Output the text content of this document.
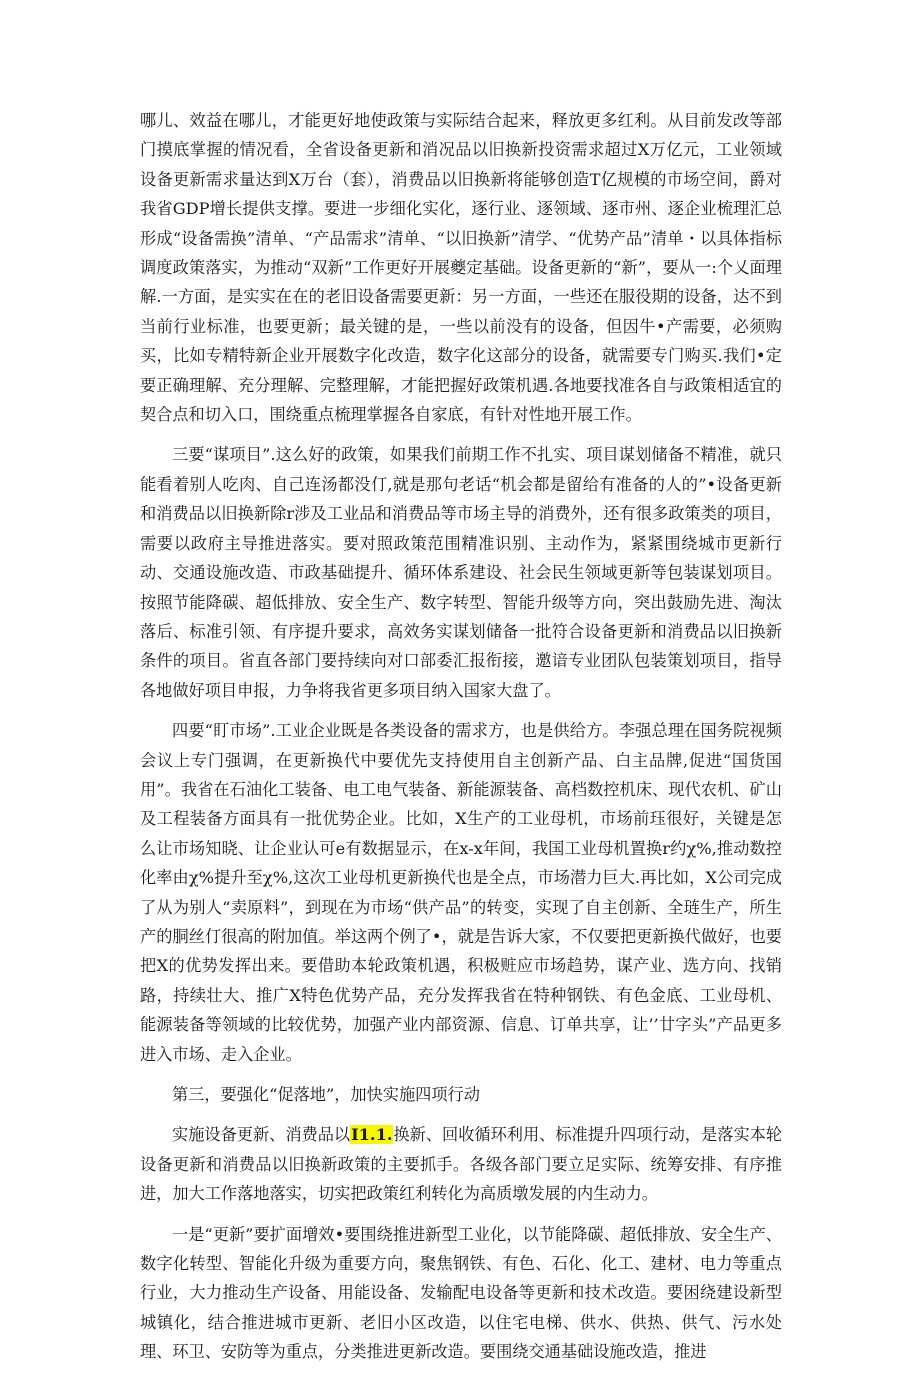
哪儿、效益在哪儿，才能更好地使政策与实际结合起来，释放更多红利。从目前发改等部门摸底掌握的情况看，全省设备更新和消况品以旧换新投资需求超过X万亿元，工业领域设备更新需求量达到X万台（套），消费品以旧换新将能够创造T亿规模的市场空间，爵对我省GDP增长提供支撑。要进一步细化实化，逐行业、逐领域、逐市州、逐企业梳理汇总形成“设备需换”清单、“产品需求”清单、“以旧换新”清学、“优势产品”清单・以具体指标调度政策落实，为推动“双新”工作更好开展夔定基础。设备更新的“新”，要从一:个乂面理解.一方面，是实实在在的老旧设备需要更新：另一方面，一些还在服役期的设备，达不到当前行业标准，也要更新；最关键的是，一些以前没有的设备，但因牛•产需要，必须购买，比如专精特新企业开展数字化改造，数字化这部分的设备，就需要专门购买.我们•定要正确理解、充分理解、完整理解，才能把握好政策机遇.各地要找准各自与政策相适宜的契合点和切入口，围绕重点梳理掌握各自家底，有针对性地开展工作。

三要“谋项目”.这么好的政策，如果我们前期工作不扎实、项目谋划储备不精准，就只能看着别人吃肉、自己连汤都没仃,就是那句老话“机会都是留给有准备的人的”•设备更新和消费品以旧换新除r涉及工业品和消费品等市场主导的消费外，还有很多政策类的项目，需要以政府主导推进落实。要对照政策范围精准识别、主动作为，紧紧围绕城市更新行动、交通设施改造、市政基础提升、循环体系建设、社会民生领域更新等包装谋划项目。按照节能降碳、超低排放、安全生产、数字转型、智能升级等方向，突出鼓励先进、淘汰落后、标准引领、有序提升要求，高效务实谋划储备一批符合设备更新和消费品以旧换新条件的项目。省直各部门要持续向对口部委汇报衔接，邀谙专业团队包装策划项目，指导各地做好项目申报，力争将我省更多项目纳入国家大盘了。

四要“盯市场”.工业企业既是各类设备的需求方，也是供给方。李强总理在国务院视频会议上专门强调，在更新换代中要优先支持使用自主创新产品、白主品牌,促进“国货国用”。我省在石油化工装备、电工电气装备、新能源装备、高档数控机床、现代农机、矿山及工程装备方面具有一批优势企业。比如，X生产的工业母机，市场前珏很好，关键是怎么让市场知晓、让企业认可e有数据显示，在x-x年间，我国工业母机置换r约χ%,推动数控化率由χ%提升至χ%,这次工业母机更新换代也是全点，市场潜力巨大.再比如，X公司完成了从为别人“卖原料”，到现在为市场“供产品”的转变，实现了自主创新、全琏生产，所生产的胴丝仃很高的附加值。举这两个例了•，就是告诉大家，不仅要把更新换代做好，也要把X的优势发挥出来。要借助本轮政策机遇，积极赃应市场趋势，谋产业、选方向、找销路，持续壮大、推广X特色优势产品，充分发挥我省在特种钢铁、有色金底、工业母机、能源装备等领域的比较优势，加强产业内部资源、信息、订单共享，让’’廿字头”产品更多进入市场、走入企业。

第三，要强化“促落地”，加快实施四项行动

实施设备更新、消费品以I1.1.换新、回收循环利用、标准提升四项行动，是落实本轮设备更新和消费品以旧换新政策的主要抓手。各级各部门要立足实际、统筹安排、有序推进，加大工作落地落实，切实把政策红利转化为高质墩发展的内生动力。

一是“更新”要扩面增效•要围绕推进新型工业化，以节能降碳、超低排放、安全生产、数字化转型、智能化升级为重要方向，聚焦钢铁、有色、石化、化工、建材、电力等重点行业，大力推动生产设备、用能设备、发输配电设备等更新和技术改造。要困绕建设新型城镇化，结合推进城市更新、老旧小区改造，以住宅电梯、供水、供热、供气、污水处理、环卫、安防等为重点，分类推进更新改造。要围绕交通基础设施改造，推进
